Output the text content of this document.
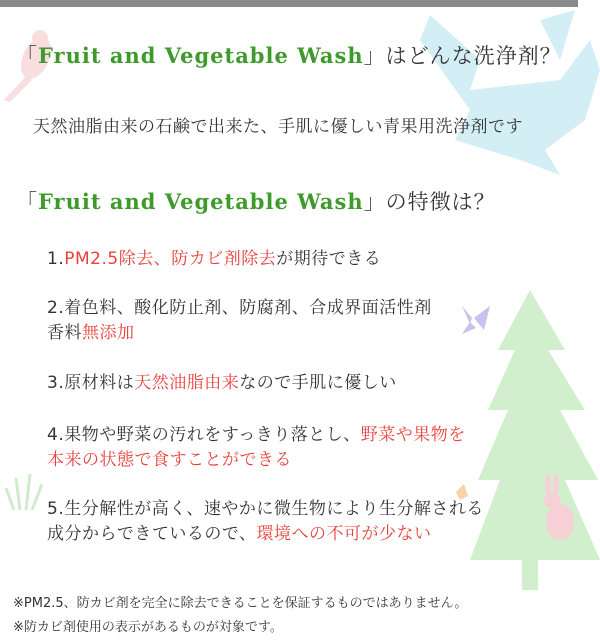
「Fruit and Vegetable Wash」はどんな洗浄剤？
天然油脂由来の石鹸で出来た、手肌に優しい青果用洗浄剤です
「Fruit and Vegetable Wash」の特徴は？
1.PM2.5除去、防カビ剤除去が期待できる
2.着色料、酸化防止剤、防腐剤、合成界面活性剤
香料無添加
3.原材料は天然油脂由来なので手肌に優しい
4.果物や野菜の汚れをすっきり落とし、野菜や果物を
本来の状態で食すことができる
5.生分解性が高く、速やかに微生物により生分解される
成分からできているので、環境への不可が少ない
※PM2.5、防カビ剤を完全に除去できることを保証するものではありません。
※防カビ剤使用の表示があるものが対象です。
